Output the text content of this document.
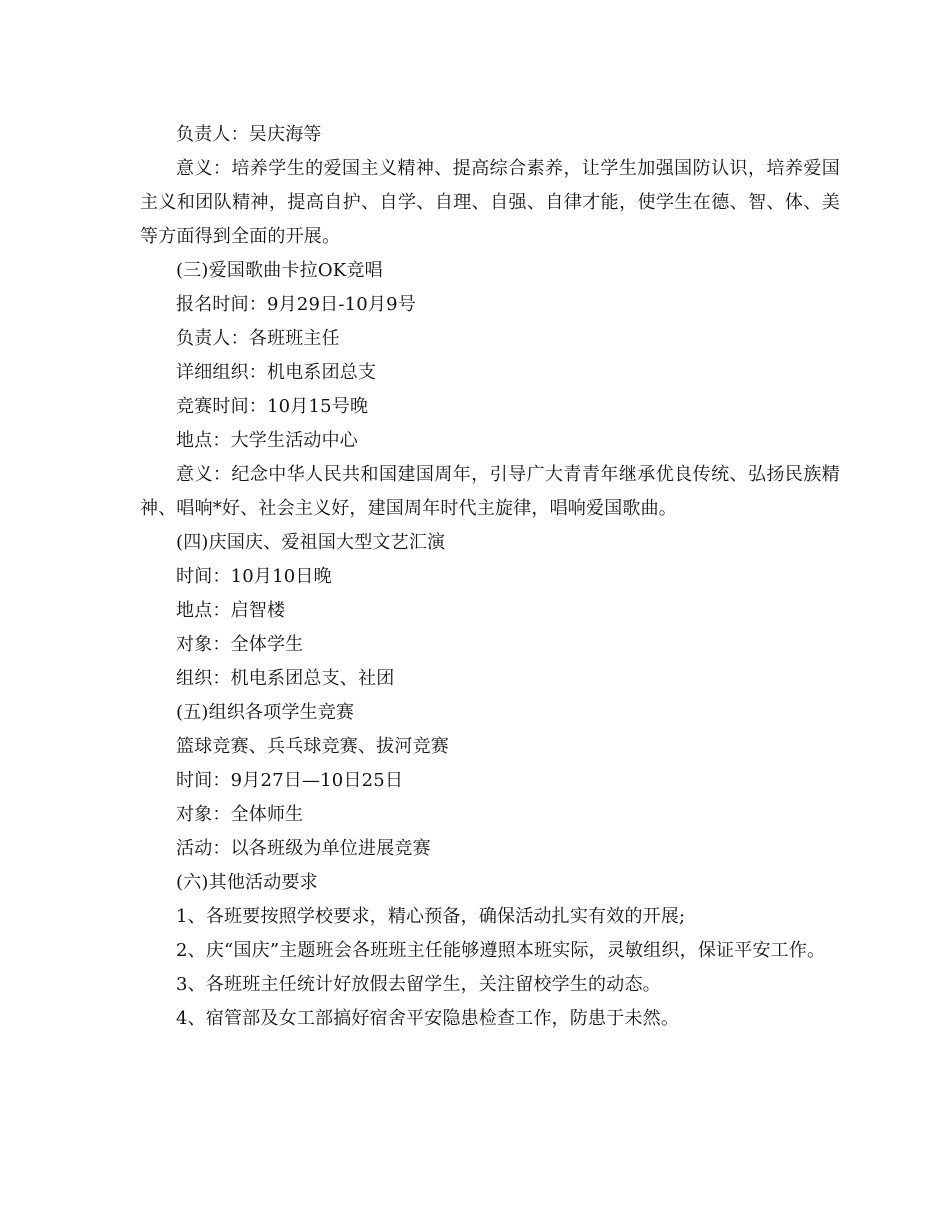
负责人：吴庆海等

意义：培养学生的爱国主义精神、提高综合素养，让学生加强国防认识，培养爱国主义和团队精神，提高自护、自学、自理、自强、自律才能，使学生在德、智、体、美等方面得到全面的开展。

(三)爱国歌曲卡拉OK竞唱

报名时间：9月29日-10月9号

负责人：各班班主任

详细组织：机电系团总支

竞赛时间：10月15号晚

地点：大学生活动中心

意义：纪念中华人民共和国建国周年，引导广大青青年继承优良传统、弘扬民族精神、唱响*好、社会主义好，建国周年时代主旋律，唱响爱国歌曲。

(四)庆国庆、爱祖国大型文艺汇演

时间：10月10日晚

地点：启智楼

对象：全体学生

组织：机电系团总支、社团

(五)组织各项学生竞赛

篮球竞赛、兵乓球竞赛、拔河竞赛

时间：9月27日—10日25日

对象：全体师生

活动：以各班级为单位进展竞赛

(六)其他活动要求

1、各班要按照学校要求，精心预备，确保活动扎实有效的开展;

2、庆“国庆”主题班会各班班主任能够遵照本班实际，灵敏组织，保证平安工作。

3、各班班主任统计好放假去留学生，关注留校学生的动态。

4、宿管部及女工部搞好宿舍平安隐患检查工作，防患于未然。
